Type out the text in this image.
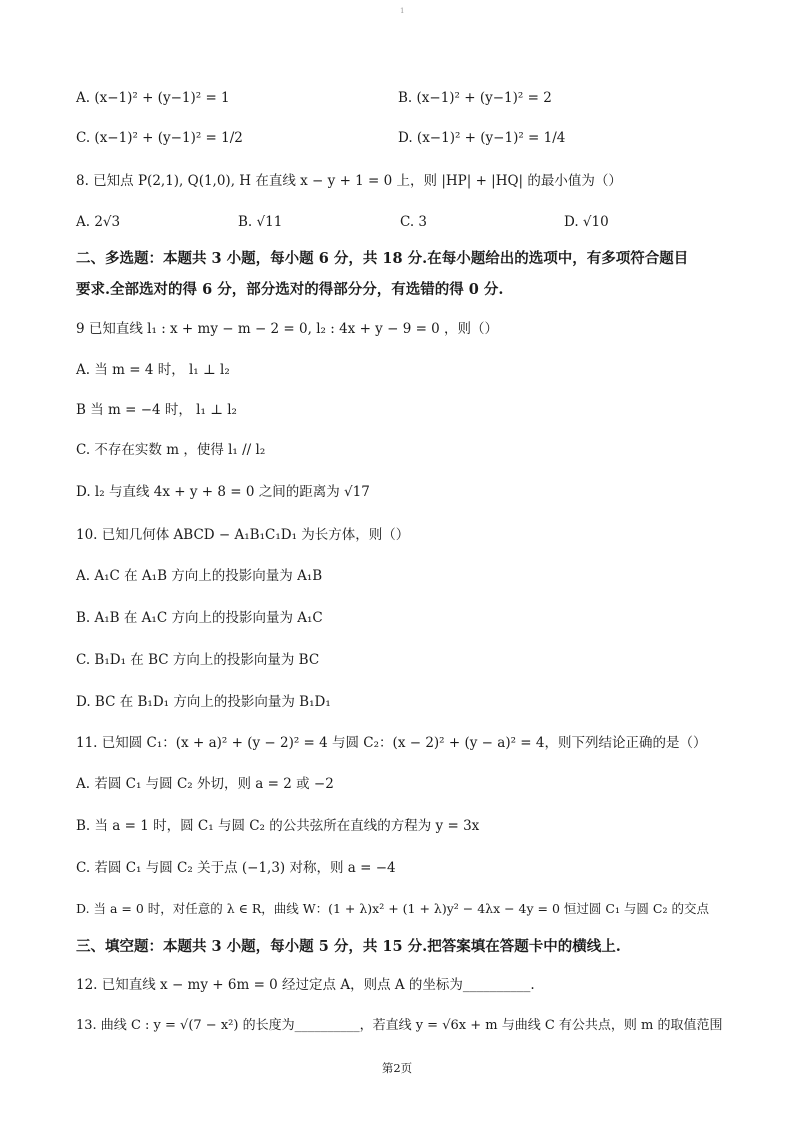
1
A. (x−1)² + (y−1)² = 1	B. (x−1)² + (y−1)² = 2
C. (x−1)² + (y−1)² = 1/2	D. (x−1)² + (y−1)² = 1/4
8. 已知点 P(2,1), Q(1,0), H 在直线 x − y + 1 = 0 上，则 |HP| + |HQ| 的最小值为（）
A. 2√3	B. √11	C. 3	D. √10
二、多选题：本题共 3 小题，每小题 6 分，共 18 分.在每小题给出的选项中，有多项符合题目
要求.全部选对的得 6 分，部分选对的得部分分，有选错的得 0 分.
9 已知直线 l₁ : x + my − m − 2 = 0, l₂ : 4x + y − 9 = 0 ，则（）
A. 当 m = 4 时， l₁ ⊥ l₂
B 当 m = −4 时， l₁ ⊥ l₂
C. 不存在实数 m ，使得 l₁ // l₂
D. l₂ 与直线 4x + y + 8 = 0 之间的距离为 √17
10. 已知几何体 ABCD − A₁B₁C₁D₁ 为长方体，则（）
A. A₁C 在 A₁B 方向上的投影向量为 A₁B
B. A₁B 在 A₁C 方向上的投影向量为 A₁C
C. B₁D₁ 在 BC 方向上的投影向量为 BC
D. BC 在 B₁D₁ 方向上的投影向量为 B₁D₁
11. 已知圆 C₁：(x + a)² + (y − 2)² = 4 与圆 C₂：(x − 2)² + (y − a)² = 4，则下列结论正确的是（）
A. 若圆 C₁ 与圆 C₂ 外切，则 a = 2 或 −2
B. 当 a = 1 时，圆 C₁ 与圆 C₂ 的公共弦所在直线的方程为 y = 3x
C. 若圆 C₁ 与圆 C₂ 关于点 (−1,3) 对称，则 a = −4
D. 当 a = 0 时，对任意的 λ ∈ R，曲线 W：(1 + λ)x² + (1 + λ)y² − 4λx − 4y = 0 恒过圆 C₁ 与圆 C₂ 的交点
三、填空题：本题共 3 小题，每小题 5 分，共 15 分.把答案填在答题卡中的横线上.
12. 已知直线 x − my + 6m = 0 经过定点 A，则点 A 的坐标为__________.
13. 曲线 C : y = √(7 − x²) 的长度为__________，若直线 y = √6x + m 与曲线 C 有公共点，则 m 的取值范围
第2页
